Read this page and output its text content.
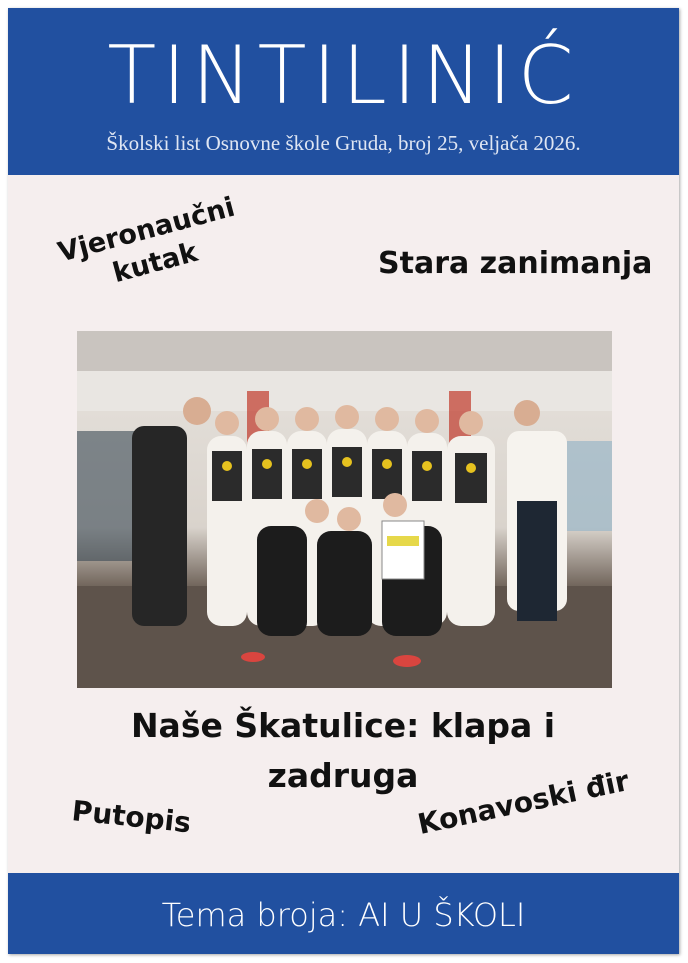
TINTILINIĆ
Školski list Osnovne škole Gruda, broj 25, veljača 2026.
Vjeronaučni kutak	Stara zanimanja
Naše Škatulice: klapa i zadruga
Putopis	Konavoski đir
Tema broja: AI U ŠKOLI
